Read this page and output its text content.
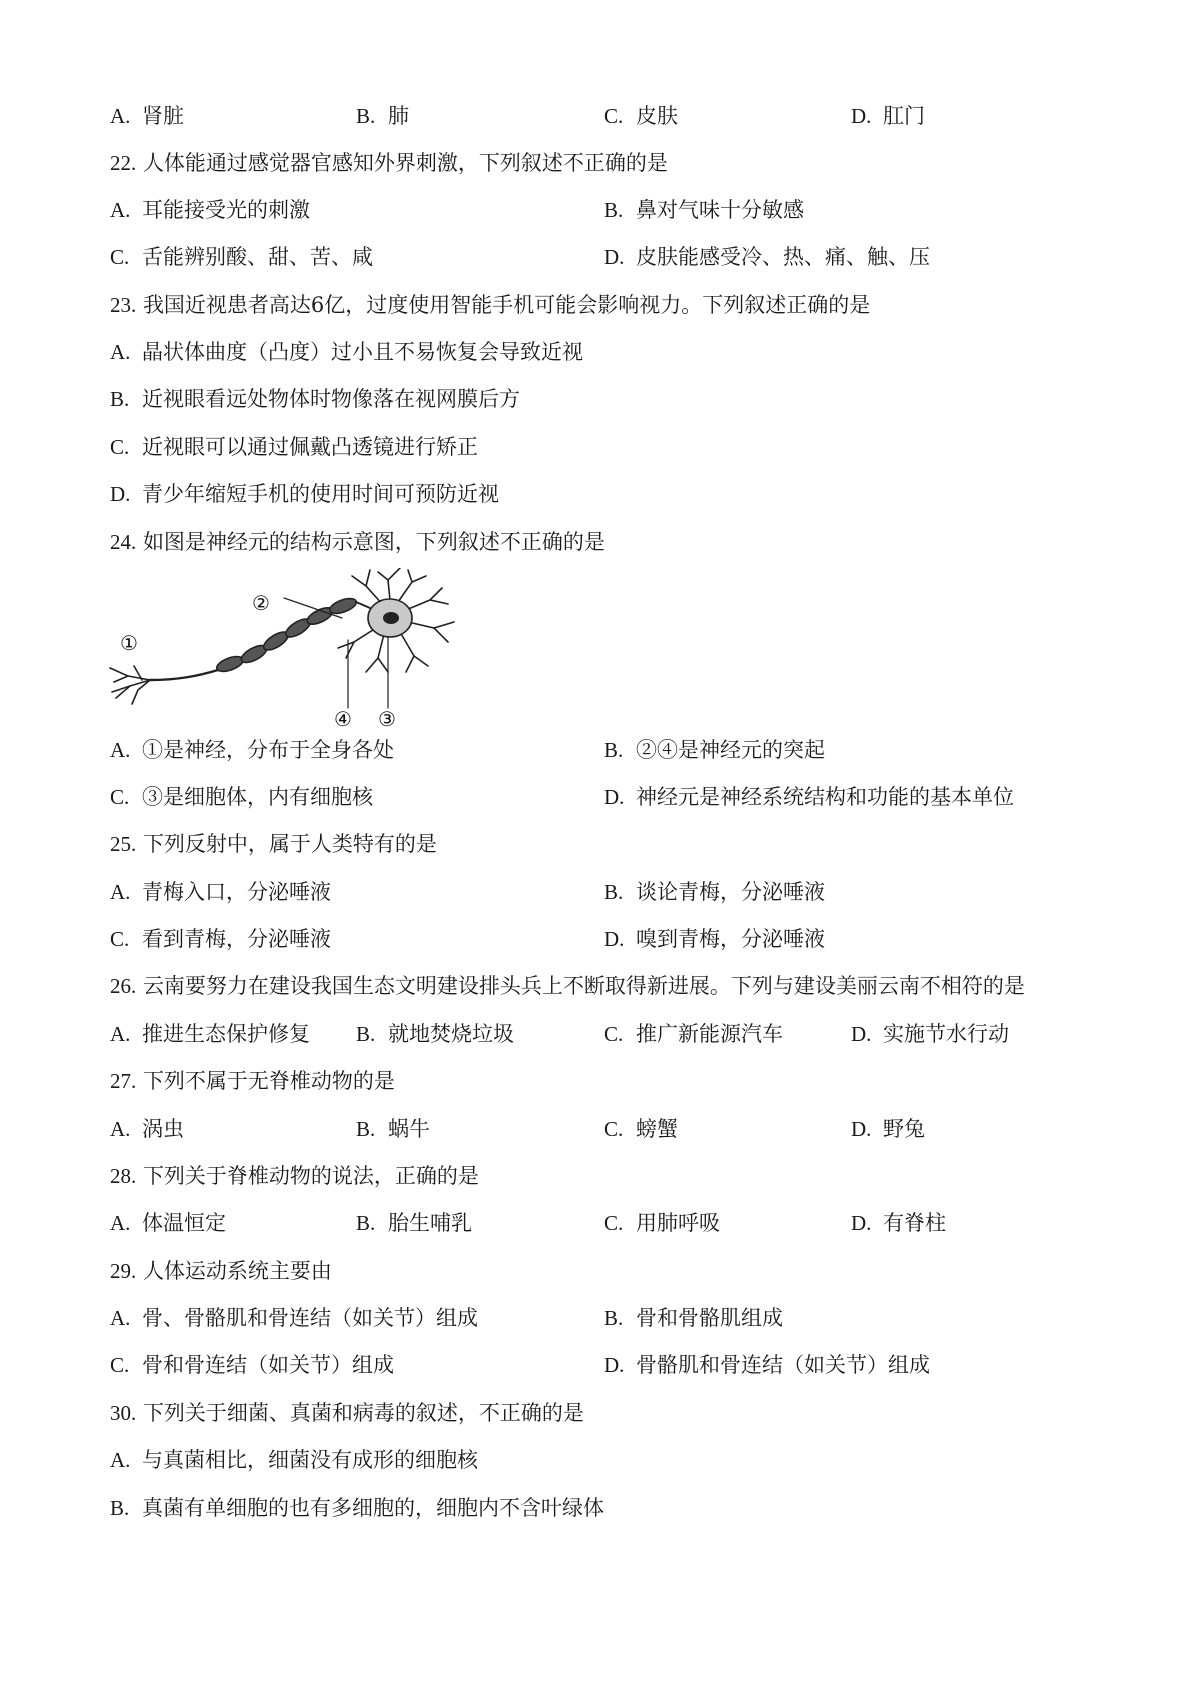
A. 肾脏	B. 肺	C. 皮肤	D. 肛门
22. 人体能通过感觉器官感知外界刺激，下列叙述不正确的是
A. 耳能接受光的刺激	B. 鼻对气味十分敏感
C. 舌能辨别酸、甜、苦、咸	D. 皮肤能感受冷、热、痛、触、压
23. 我国近视患者高达6亿，过度使用智能手机可能会影响视力。下列叙述正确的是
A. 晶状体曲度（凸度）过小且不易恢复会导致近视
B. 近视眼看远处物体时物像落在视网膜后方
C. 近视眼可以通过佩戴凸透镜进行矫正
D. 青少年缩短手机的使用时间可预防近视
24. 如图是神经元的结构示意图，下列叙述不正确的是
①
②
③
④
A. ①是神经，分布于全身各处	B. ②④是神经元的突起
C. ③是细胞体，内有细胞核	D. 神经元是神经系统结构和功能的基本单位
25. 下列反射中，属于人类特有的是
A. 青梅入口，分泌唾液	B. 谈论青梅，分泌唾液
C. 看到青梅，分泌唾液	D. 嗅到青梅，分泌唾液
26. 云南要努力在建设我国生态文明建设排头兵上不断取得新进展。下列与建设美丽云南不相符的是
A. 推进生态保护修复 B. 就地焚烧垃圾	C. 推广新能源汽车	D. 实施节水行动
27. 下列不属于无脊椎动物的是
A. 涡虫	B. 蜗牛	C. 螃蟹	D. 野兔
28. 下列关于脊椎动物的说法，正确的是
A. 体温恒定	B. 胎生哺乳	C. 用肺呼吸	D. 有脊柱
29. 人体运动系统主要由
A. 骨、骨骼肌和骨连结（如关节）组成	B. 骨和骨骼肌组成
C. 骨和骨连结（如关节）组成	D. 骨骼肌和骨连结（如关节）组成
30. 下列关于细菌、真菌和病毒的叙述，不正确的是
A. 与真菌相比，细菌没有成形的细胞核
B. 真菌有单细胞的也有多细胞的，细胞内不含叶绿体
